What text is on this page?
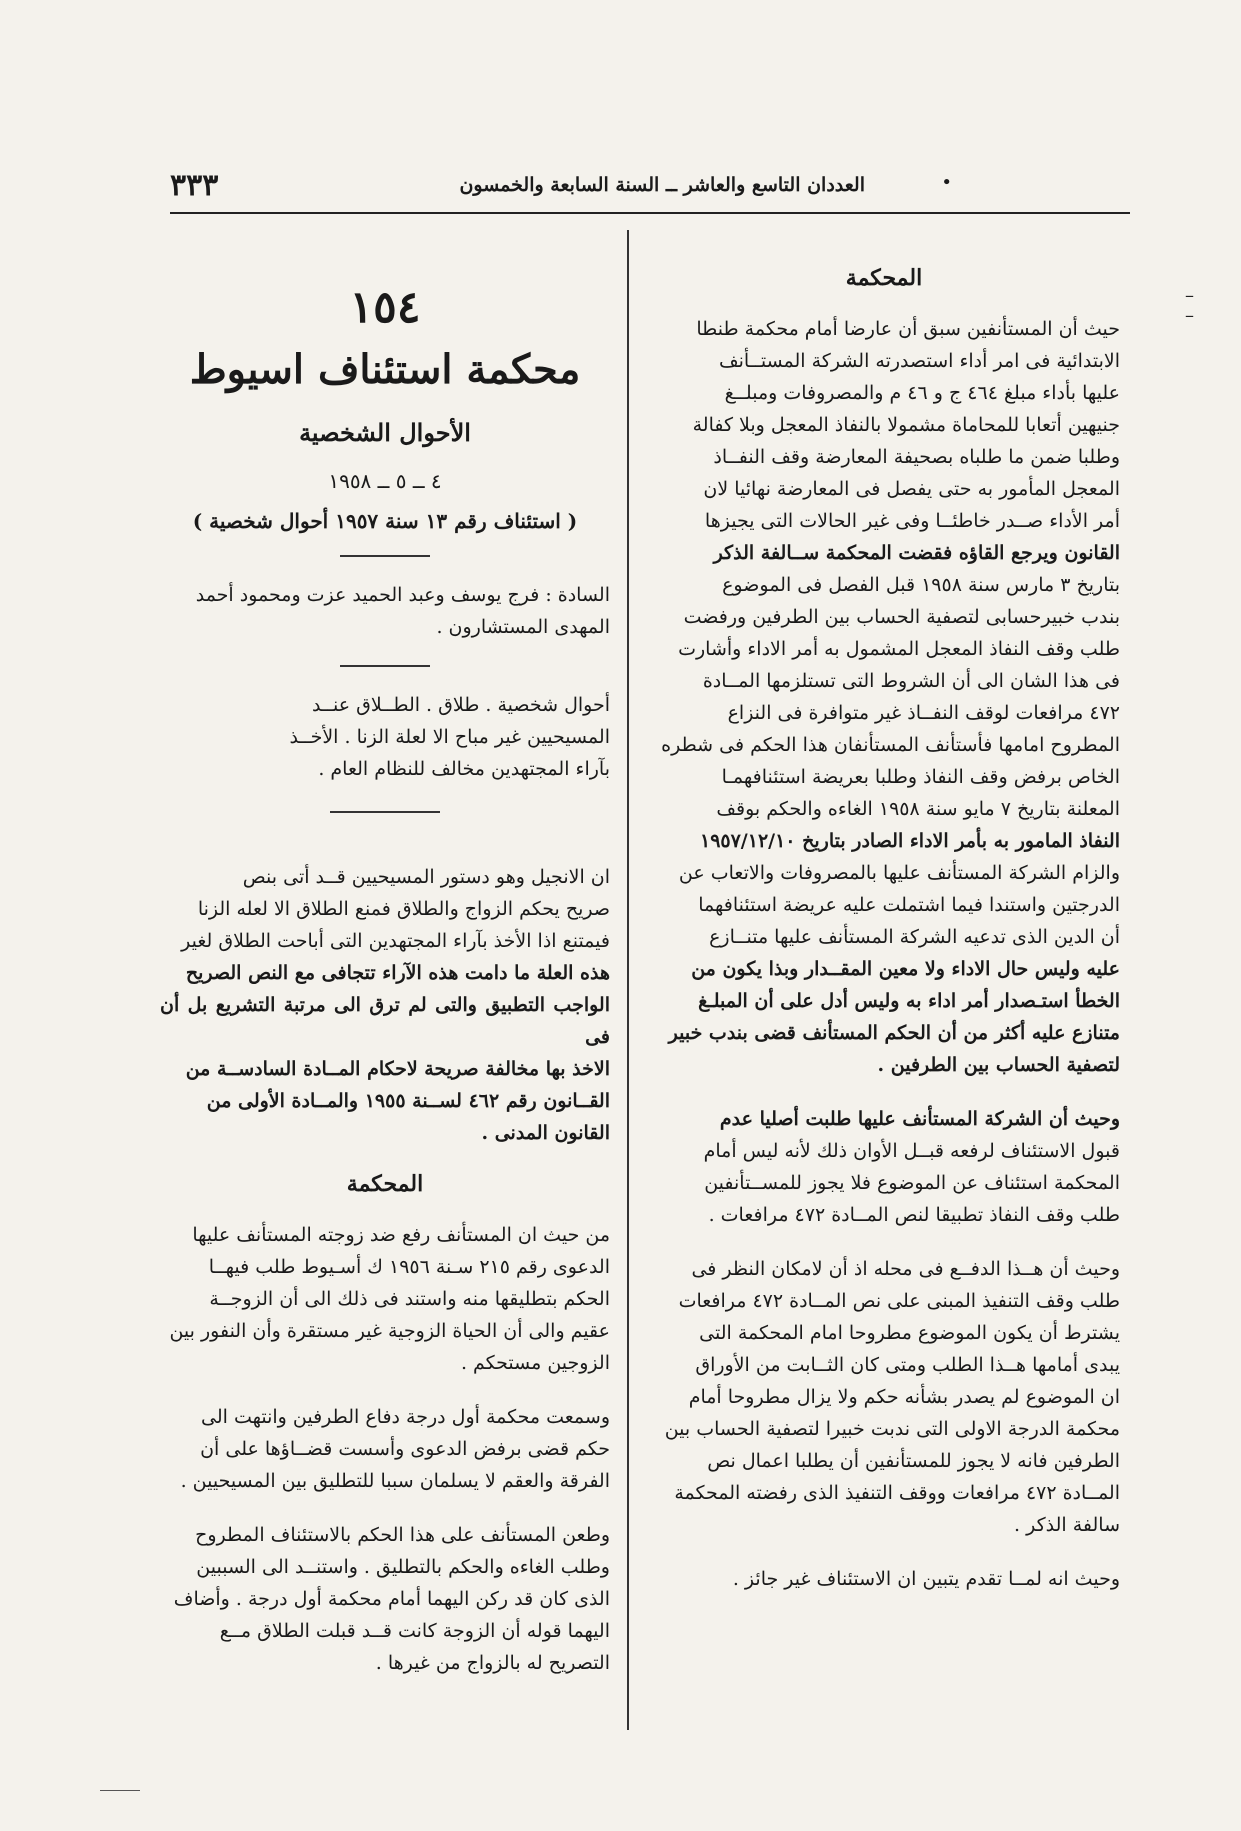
٣٣٣	العددان التاسع والعاشر ــ السنة السابعة والخمسون	•
المحكمة

حيث أن المستأنفين سبق أن عارضا أمام محكمة طنطا

الابتدائية فى امر أداء استصدرته الشركة المستــأنف

عليها بأداء مبلغ ٤٦٤ ج و ٤٦ م والمصروفات ومبلــغ

جنيهين أتعابا للمحاماة مشمولا بالنفاذ المعجل وبلا كفالة

وطلبا ضمن ما طلباه بصحيفة المعارضة وقف النفــاذ

المعجل المأمور به حتى يفصل فى المعارضة نهائيا لان

أمر الأداء صــدر خاطئــا وفى غير الحالات التى يجيزها

القانون ويرجع القاؤه فقضت المحكمة ســالفة الذكر

بتاريخ ٣ مارس سنة ١٩٥٨ قبل الفصل فى الموضوع

بندب خبيرحسابى لتصفية الحساب بين الطرفين ورفضت

طلب وقف النفاذ المعجل المشمول به أمر الاداء وأشارت

فى هذا الشان الى أن الشروط التى تستلزمها المــادة

٤٧٢ مرافعات لوقف النفــاذ غير متوافرة فى النزاع

المطروح امامها فأستأنف المستأنفان هذا الحكم فى شطره

الخاص برفض وقف النفاذ وطلبا بعريضة استئنافهمـا

المعلنة بتاريخ ٧ مايو سنة ١٩٥٨ الغاءه والحكم بوقف

النفاذ المامور به بأمر الاداء الصادر بتاريخ ١٩٥٧/١٢/١٠

والزام الشركة المستأنف عليها بالمصروفات والاتعاب عن

الدرجتين واستندا فيما اشتملت عليه عريضة استئنافهما

أن الدين الذى تدعيه الشركة المستأنف عليها متنــازع

عليه وليس حال الاداء ولا معين المقــدار وبذا يكون من

الخطأ استـصدار أمر اداء به وليس أدل على أن المبلـغ

متنازع عليه أكثر من أن الحكم المستأنف قضى بندب خبير

لتصفية الحساب بين الطرفين .

وحيث أن الشركة المستأنف عليها طلبت أصليا عدم

قبول الاستئناف لرفعه قبــل الأوان ذلك لأنه ليس أمام

المحكمة استئناف عن الموضوع فلا يجوز للمســتأنفين

طلب وقف النفاذ تطبيقا لنص المــادة ٤٧٢ مرافعات .

وحيث أن هــذا الدفــع فى محله اذ أن لامكان النظر فى

طلب وقف التنفيذ المبنى على نص المــادة ٤٧٢ مرافعات

يشترط أن يكون الموضوع مطروحا امام المحكمة التى

يبدى أمامها هــذا الطلب ومتى كان الثــابت من الأوراق

ان الموضوع لم يصدر بشأنه حكم ولا يزال مطروحا أمام

محكمة الدرجة الاولى التى ندبت خبيرا لتصفية الحساب بين

الطرفين فانه لا يجوز للمستأنفين أن يطلبا اعمال نص

المــادة ٤٧٢ مرافعات ووقف التنفيذ الذى رفضته المحكمة

سالفة الذكر .

وحيث انه لمــا تقدم يتبين ان الاستئناف غير جائز .

١٥٤
محكمة استئناف اسيوط
الأحوال الشخصية
٤ ــ ٥ ــ ١٩٥٨
( استئناف رقم ١٣ سنة ١٩٥٧ أحوال شخصية )

السادة : فرج يوسف وعبد الحميد عزت ومحمود أحمد

المهدى المستشارون .

أحوال شخصية . طلاق . الطــلاق عنــد

المسيحيين غير مباح الا لعلة الزنا . الأخــذ

بآراء المجتهدين مخالف للنظام العام .

ان الانجيل وهو دستور المسيحيين قــد أتى بنص

صريح يحكم الزواج والطلاق فمنع الطلاق الا لعله الزنا

فيمتنع اذا الأخذ بآراء المجتهدين التى أباحت الطلاق لغير

هذه العلة ما دامت هذه الآراء تتجافى مع النص الصريح

الواجب التطبيق والتى لم ترق الى مرتبة التشريع بل أن فى

الاخذ بها مخالفة صريحة لاحكام المــادة السادســة من

القــانون رقم ٤٦٢ لســنة ١٩٥٥ والمــادة الأولى من

القانون المدنى .

المحكمة

من حيث ان المستأنف رفع ضد زوجته المستأنف عليها

الدعوى رقم ٢١٥ سـنة ١٩٥٦ ك أسـيوط طلب فيهــا

الحكم بتطليقها منه واستند فى ذلك الى أن الزوجــة

عقيم والى أن الحياة الزوجية غير مستقرة وأن النفور بين

الزوجين مستحكم .

وسمعت محكمة أول درجة دفاع الطرفين وانتهت الى

حكم قضى برفض الدعوى وأسست قضــاؤها على أن

الفرقة والعقم لا يسلمان سببا للتطليق بين المسيحيين .

وطعن المستأنف على هذا الحكم بالاستئناف المطروح

وطلب الغاءه والحكم بالتطليق . واستنــد الى السببين

الذى كان قد ركن اليهما أمام محكمة أول درجة . وأضاف

اليهما قوله أن الزوجة كانت قــد قبلت الطلاق مــع

التصريح له بالزواج من غيرها .

–
–
